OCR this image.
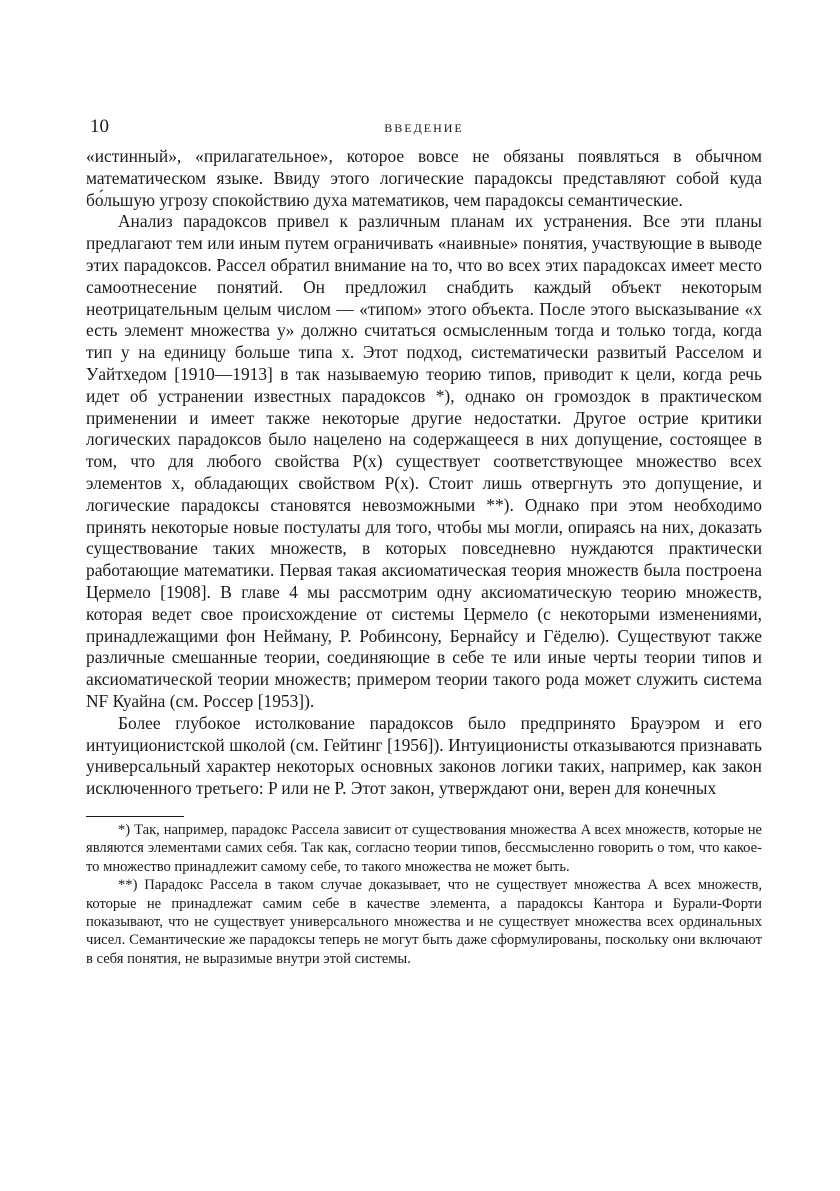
10	ВВЕДЕНИЕ

«истинный», «прилагательное», которое вовсе не обязаны появляться в обычном математическом языке. Ввиду этого логические парадоксы представляют собой куда бо́льшую угрозу спокойствию духа математиков, чем парадоксы семантические.

Анализ парадоксов привел к различным планам их устранения. Все эти планы предлагают тем или иным путем ограничивать «наивные» понятия, участвующие в выводе этих парадоксов. Рассел обратил внимание на то, что во всех этих парадоксах имеет место самоотнесение понятий. Он предложил снабдить каждый объект некоторым неотрицательным целым числом — «типом» этого объекта. После этого высказывание «x есть элемент множества y» должно считаться осмысленным тогда и только тогда, когда тип y на единицу больше типа x. Этот подход, систематически развитый Расселом и Уайтхедом [1910—1913] в так называемую теорию типов, приводит к цели, когда речь идет об устранении известных парадоксов *), однако он громоздок в практическом применении и имеет также некоторые другие недостатки. Другое острие критики логических парадоксов было нацелено на содержащееся в них допущение, состоящее в том, что для любого свойства P(x) существует соответствующее множество всех элементов x, обладающих свойством P(x). Стоит лишь отвергнуть это допущение, и логические парадоксы становятся невозможными **). Однако при этом необходимо принять некоторые новые постулаты для того, чтобы мы могли, опираясь на них, доказать существование таких множеств, в которых повседневно нуждаются практически работающие математики. Первая такая аксиоматическая теория множеств была построена Цермело [1908]. В главе 4 мы рассмотрим одну аксиоматическую теорию множеств, которая ведет свое происхождение от системы Цермело (с некоторыми изменениями, принадлежащими фон Нейману, Р. Робинсону, Бернайсу и Гёделю). Существуют также различные смешанные теории, соединяющие в себе те или иные черты теории типов и аксиоматической теории множеств; примером теории такого рода может служить система NF Куайна (см. Россер [1953]).

Более глубокое истолкование парадоксов было предпринято Брауэром и его интуиционистской школой (см. Гейтинг [1956]). Интуиционисты отказываются признавать универсальный характер некоторых основных законов логики таких, например, как закон исключенного третьего: P или не P. Этот закон, утверждают они, верен для конечных

*) Так, например, парадокс Рассела зависит от существования множества A всех множеств, которые не являются элементами самих себя. Так как, согласно теории типов, бессмысленно говорить о том, что какое-то множество принадлежит самому себе, то такого множества не может быть.

**) Парадокс Рассела в таком случае доказывает, что не существует множества A всех множеств, которые не принадлежат самим себе в качестве элемента, а парадоксы Кантора и Бурали-Форти показывают, что не существует универсального множества и не существует множества всех ординальных чисел. Семантические же парадоксы теперь не могут быть даже сформулированы, поскольку они включают в себя понятия, не выразимые внутри этой системы.
